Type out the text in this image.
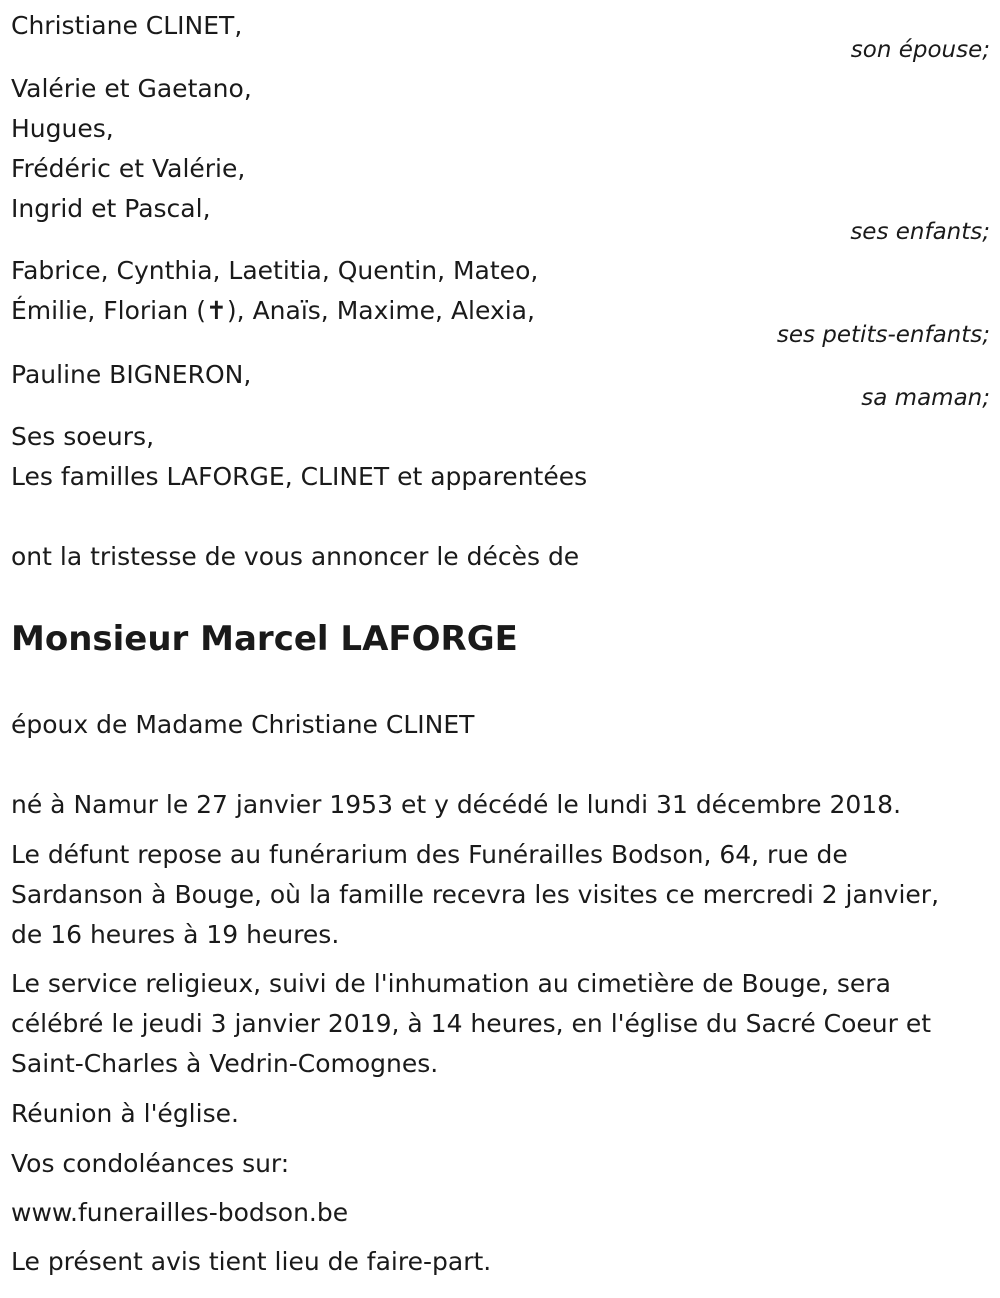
Christiane CLINET,
son épouse;
Valérie et Gaetano,
Hugues,
Frédéric et Valérie,
Ingrid et Pascal,
ses enfants;
Fabrice, Cynthia, Laetitia, Quentin, Mateo,
Émilie, Florian (✝), Anaïs, Maxime, Alexia,
ses petits-enfants;
Pauline BIGNERON,
sa maman;
Ses soeurs,
Les familles LAFORGE, CLINET et apparentées
ont la tristesse de vous annoncer le décès de
Monsieur Marcel LAFORGE
époux de Madame Christiane CLINET
né à Namur le 27 janvier 1953 et y décédé le lundi 31 décembre 2018.
Le défunt repose au funérarium des Funérailles Bodson, 64, rue de
Sardanson à Bouge, où la famille recevra les visites ce mercredi 2 janvier,
de 16 heures à 19 heures.
Le service religieux, suivi de l'inhumation au cimetière de Bouge, sera
célébré le jeudi 3 janvier 2019, à 14 heures, en l'église du Sacré Coeur et
Saint-Charles à Vedrin-Comognes.
Réunion à l'église.
Vos condoléances sur:
www.funerailles-bodson.be
Le présent avis tient lieu de faire-part.
